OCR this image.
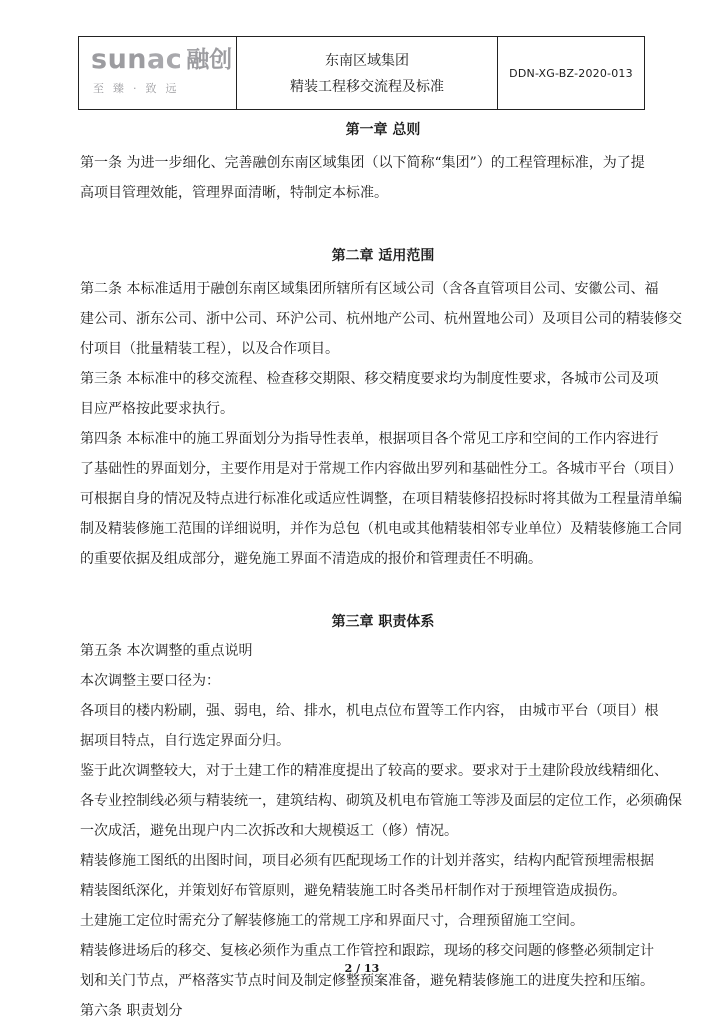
sunac 融创
至臻·致远
东南区域集团
精装工程移交流程及标准
DDN-XG-BZ-2020-013
第一章 总则
第一条 为进一步细化、完善融创东南区域集团（以下简称“集团”）的工程管理标准，为了提
高项目管理效能，管理界面清晰，特制定本标准。
第二章 适用范围
第二条 本标准适用于融创东南区域集团所辖所有区域公司（含各直管项目公司、安徽公司、福
建公司、浙东公司、浙中公司、环沪公司、杭州地产公司、杭州置地公司）及项目公司的精装修交
付项目（批量精装工程），以及合作项目。
第三条 本标准中的移交流程、检查移交期限、移交精度要求均为制度性要求，各城市公司及项
目应严格按此要求执行。
第四条 本标准中的施工界面划分为指导性表单，根据项目各个常见工序和空间的工作内容进行
了基础性的界面划分，主要作用是对于常规工作内容做出罗列和基础性分工。各城市平台（项目）
可根据自身的情况及特点进行标准化或适应性调整，在项目精装修招投标时将其做为工程量清单编
制及精装修施工范围的详细说明，并作为总包（机电或其他精装相邻专业单位）及精装修施工合同
的重要依据及组成部分，避免施工界面不清造成的报价和管理责任不明确。
第三章 职责体系
第五条 本次调整的重点说明
本次调整主要口径为：
各项目的楼内粉刷，强、弱电，给、排水，机电点位布置等工作内容， 由城市平台（项目）根
据项目特点，自行选定界面分归。
鉴于此次调整较大，对于土建工作的精准度提出了较高的要求。要求对于土建阶段放线精细化、
各专业控制线必须与精装统一，建筑结构、砌筑及机电布管施工等涉及面层的定位工作，必须确保
一次成活，避免出现户内二次拆改和大规模返工（修）情况。
精装修施工图纸的出图时间，项目必须有匹配现场工作的计划并落实，结构内配管预埋需根据
精装图纸深化，并策划好布管原则，避免精装施工时各类吊杆制作对于预埋管造成损伤。
土建施工定位时需充分了解装修施工的常规工序和界面尺寸，合理预留施工空间。
精装修进场后的移交、复核必须作为重点工作管控和跟踪，现场的移交问题的修整必须制定计
划和关门节点，严格落实节点时间及制定修整预案准备，避免精装修施工的进度失控和压缩。
第六条 职责划分
2 / 13
